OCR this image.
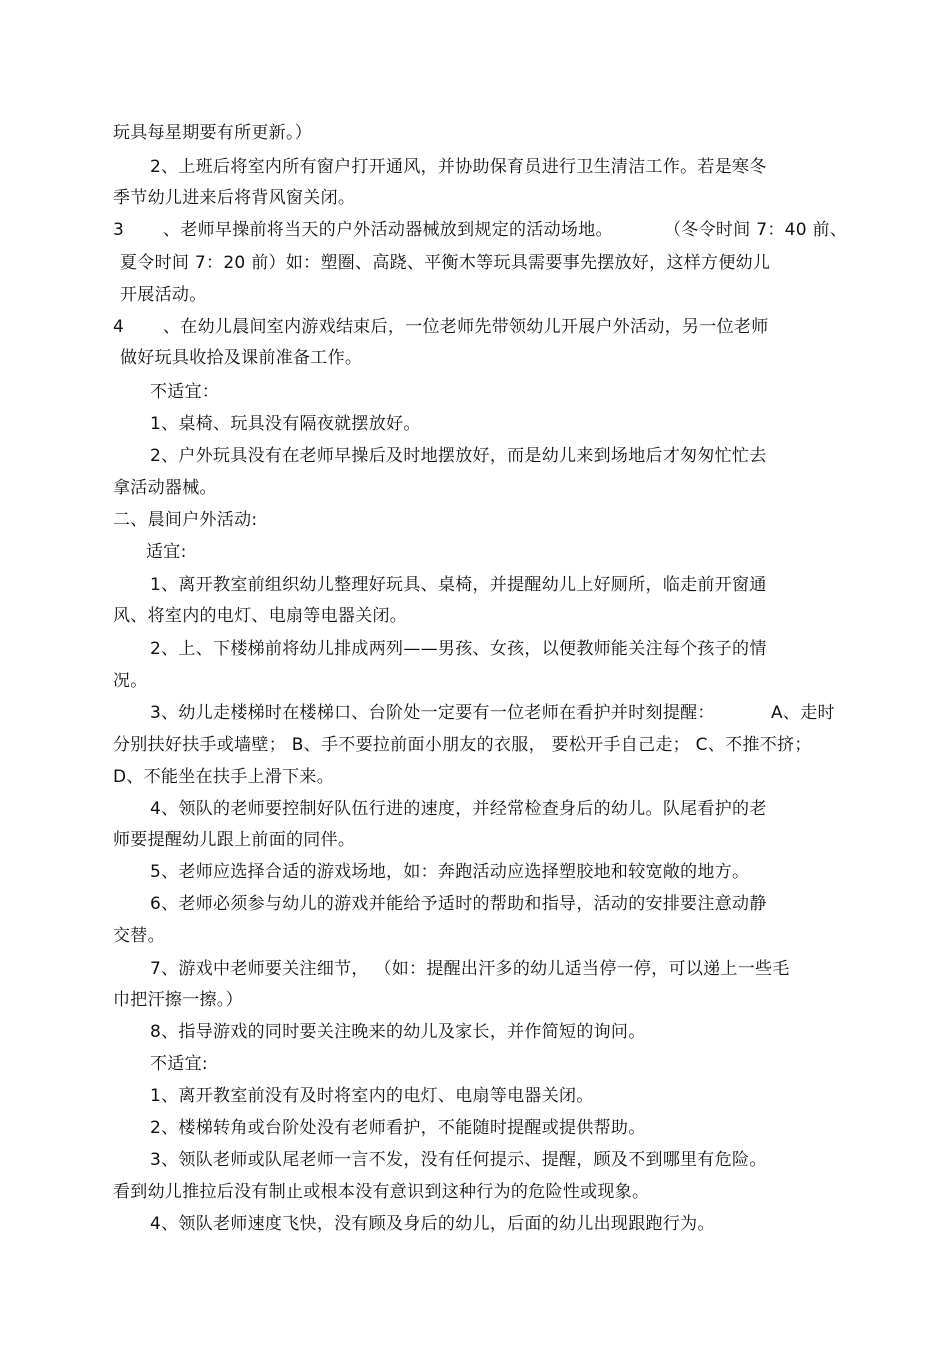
玩具每星期要有所更新。）
2、上班后将室内所有窗户打开通风，并协助保育员进行卫生清洁工作。若是寒冬
季节幼儿进来后将背风窗关闭。
3 、老师早操前将当天的户外活动器械放到规定的活动场地。	（冬令时间 7：40 前、
夏令时间 7：20 前）如：塑圈、高跷、平衡木等玩具需要事先摆放好，这样方便幼儿
开展活动。
4 、在幼儿晨间室内游戏结束后，一位老师先带领幼儿开展户外活动，另一位老师
做好玩具收拾及课前准备工作。
不适宜：
1、桌椅、玩具没有隔夜就摆放好。
2、户外玩具没有在老师早操后及时地摆放好，而是幼儿来到场地后才匆匆忙忙去
拿活动器械。
二、晨间户外活动:
适宜:
1、离开教室前组织幼儿整理好玩具、桌椅，并提醒幼儿上好厕所，临走前开窗通
风、将室内的电灯、电扇等电器关闭。
2、上、下楼梯前将幼儿排成两列——男孩、女孩，以便教师能关注每个孩子的情
况。
3、幼儿走楼梯时在楼梯口、台阶处一定要有一位老师在看护并时刻提醒：	A、走时
分别扶好扶手或墙壁； B、手不要拉前面小朋友的衣服， 要松开手自己走； C、不推不挤；
D、不能坐在扶手上滑下来。
4、领队的老师要控制好队伍行进的速度，并经常检查身后的幼儿。队尾看护的老
师要提醒幼儿跟上前面的同伴。
5、老师应选择合适的游戏场地，如：奔跑活动应选择塑胶地和较宽敞的地方。
6、老师必须参与幼儿的游戏并能给予适时的帮助和指导，活动的安排要注意动静
交替。
7、游戏中老师要关注细节， （如：提醒出汗多的幼儿适当停一停，可以递上一些毛
巾把汗擦一擦。）
8、指导游戏的同时要关注晚来的幼儿及家长，并作简短的询问。
不适宜:
1、离开教室前没有及时将室内的电灯、电扇等电器关闭。
2、楼梯转角或台阶处没有老师看护，不能随时提醒或提供帮助。
3、领队老师或队尾老师一言不发，没有任何提示、提醒，顾及不到哪里有危险。
看到幼儿推拉后没有制止或根本没有意识到这种行为的危险性或现象。
4、领队老师速度飞快，没有顾及身后的幼儿，后面的幼儿出现跟跑行为。
